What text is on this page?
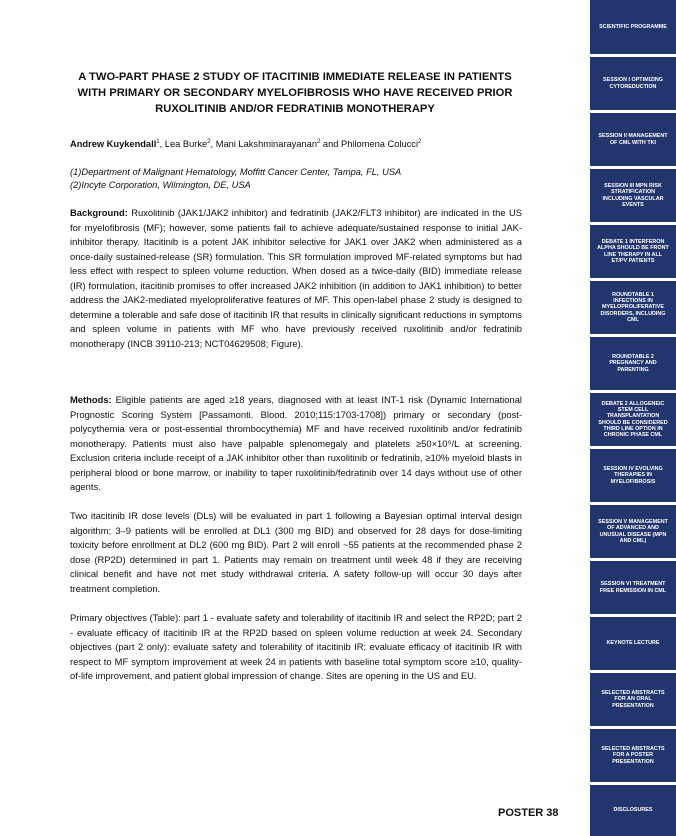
SCIENTIFIC PROGRAMME
SESSION I OPTIMIZING CYTOREDUCTION
SESSION II MANAGEMENT OF CML WITH TKI
SESSION III MPN RISK STRATIFICATION INCLUDING VASCULAR EVENTS
DEBATE 1 INTERFERON ALPHA SHOULD BE FRONT LINE THERAPY IN ALL ET/PV PATIENTS
ROUNDTABLE 1 INFECTIONS IN MYELOPROLIFERATIVE DISORDERS, INCLUDING CML
ROUNDTABLE 2 PREGNANCY AND PARENTING
DEBATE 2 ALLOGENEIC STEM CELL TRANSPLANTATION SHOULD BE CONSIDERED THIRD LINE OPTION IN CHRONIC PHASE CML
SESSION IV EVOLVING THERAPIES IN MYELOFIBROSIS
SESSION V MANAGEMENT OF ADVANCED AND UNUSUAL DISEASE (MPN AND CML)
SESSION VI TREATMENT FREE REMISSION IN CML
KEYNOTE LECTURE
SELECTED ABSTRACTS FOR AN ORAL PRESENTATION
SELECTED ABSTRACTS FOR A POSTER PRESENTATION
DISCLOSURES
A TWO-PART PHASE 2 STUDY OF ITACITINIB IMMEDIATE RELEASE IN PATIENTS WITH PRIMARY OR SECONDARY MYELOFIBROSIS WHO HAVE RECEIVED PRIOR RUXOLITINIB AND/OR FEDRATINIB MONOTHERAPY
Andrew Kuykendall$^1$, Lea Burke$^2$, Mani Lakshminarayanan$^2$ and Philomena Colucci$^2$
(1)Department of Malignant Hematology, Moffitt Cancer Center, Tampa, FL, USA
(2)Incyte Corporation, Wilmington, DE, USA

Background: Ruxolitinib (JAK1/JAK2 inhibitor) and fedratinib (JAK2/FLT3 inhibitor) are indicated in the US for myelofibrosis (MF); however, some patients fail to achieve adequate/sustained response to initial JAK-inhibitor therapy. Itacitinib is a potent JAK inhibitor selective for JAK1 over JAK2 when administered as a once-daily sustained-release (SR) formulation. This SR formulation improved MF-related symptoms but had less effect with respect to spleen volume reduction. When dosed as a twice-daily (BID) immediate release (IR) formulation, itacitinib promises to offer increased JAK2 inhibition (in addition to JAK1 inhibition) to better address the JAK2-mediated myeloproliferative features of MF. This open-label phase 2 study is designed to determine a tolerable and safe dose of itacitinib IR that results in clinically significant reductions in symptoms and spleen volume in patients with MF who have previously received ruxolitinib and/or fedratinib monotherapy (INCB 39110-213; NCT04629508; Figure).

Methods: Eligible patients are aged ≥18 years, diagnosed with at least INT-1 risk (Dynamic International Prognostic Scoring System [Passamonti. Blood. 2010;115:1703-1708]) primary or secondary (post-polycythemia vera or post-essential thrombocythemia) MF and have received ruxolitinib and/or fedratinib monotherapy. Patients must also have palpable splenomegaly and platelets ≥50×10⁹/L at screening. Exclusion criteria include receipt of a JAK inhibitor other than ruxolitinib or fedratinib, ≥10% myeloid blasts in peripheral blood or bone marrow, or inability to taper ruxolitinib/fedratinib over 14 days without use of other agents.

Two itacitinib IR dose levels (DLs) will be evaluated in part 1 following a Bayesian optimal interval design algorithm: 3–9 patients will be enrolled at DL1 (300 mg BID) and observed for 28 days for dose-limiting toxicity before enrollment at DL2 (600 mg BID). Part 2 will enroll ~55 patients at the recommended phase 2 dose (RP2D) determined in part 1. Patients may remain on treatment until week 48 if they are receiving clinical benefit and have not met study withdrawal criteria. A safety follow-up will occur 30 days after treatment completion.

Primary objectives (Table): part 1 - evaluate safety and tolerability of itacitinib IR and select the RP2D; part 2 - evaluate efficacy of itacitinib IR at the RP2D based on spleen volume reduction at week 24. Secondary objectives (part 2 only): evaluate safety and tolerability of itacitinib IR; evaluate efficacy of itacitinib IR with respect to MF symptom improvement at week 24 in patients with baseline total symptom score ≥10, quality-of-life improvement, and patient global impression of change. Sites are opening in the US and EU.

POSTER 38
